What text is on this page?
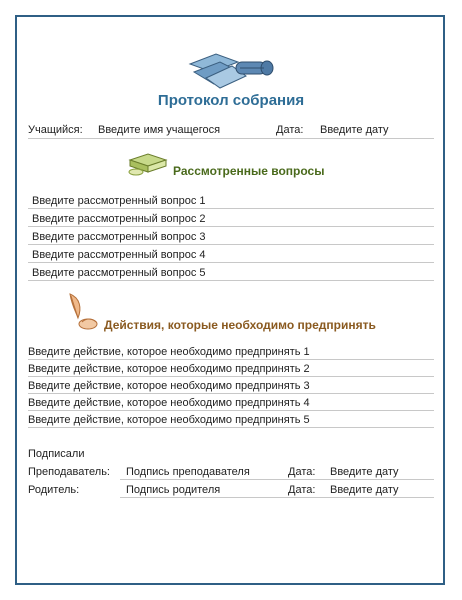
Протокол собрания
Учащийся: Введите имя учащегося	Дата: Введите дату
Рассмотренные вопросы
Введите рассмотренный вопрос 1
Введите рассмотренный вопрос 2
Введите рассмотренный вопрос 3
Введите рассмотренный вопрос 4
Введите рассмотренный вопрос 5
Действия, которые необходимо предпринять
Введите действие, которое необходимо предпринять 1
Введите действие, которое необходимо предпринять 2
Введите действие, которое необходимо предпринять 3
Введите действие, которое необходимо предпринять 4
Введите действие, которое необходимо предпринять 5
Подписали
Преподаватель: Подпись преподавателя	Дата: Введите дату
Родитель:	Подпись родителя	Дата: Введите дату
